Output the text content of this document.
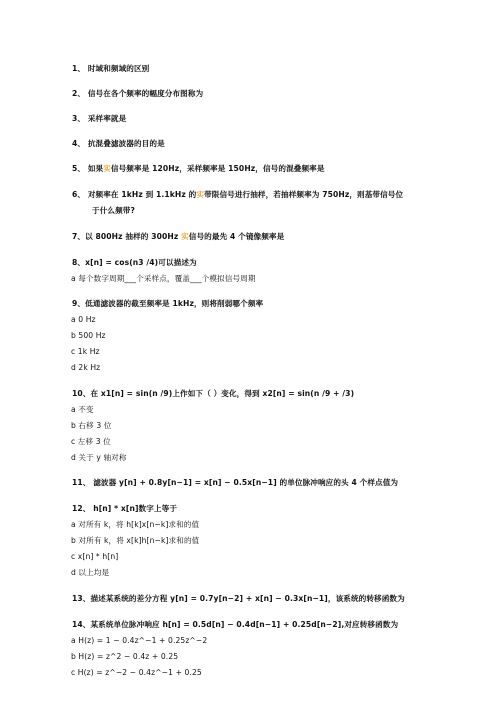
1、 时域和频域的区别

2、 信号在各个频率的幅度分布图称为

3、 采样率就是

4、 抗混叠滤波器的目的是

5、 如果实信号频率是 120Hz，采样频率是 150Hz，信号的混叠频率是

6、 对频率在 1kHz 到 1.1kHz 的实带限信号进行抽样，若抽样频率为 750Hz，则基带信号位

于什么频带?

7、以 800Hz 抽样的 300Hz 实信号的最先 4 个镜像频率是

8、x[n] = cos(n3 /4)可以描述为

a 每个数字周期___个采样点，覆盖___个模拟信号周期

9、低通滤波器的截至频率是 1kHz，则将削弱哪个频率

a 0 Hz

b 500 Hz

c 1k Hz

d 2k Hz

10、在 x1[n] = sin(n /9)上作如下（ ）变化，得到 x2[n] = sin(n /9 + /3)

a 不变

b 右移 3 位

c 左移 3 位

d 关于 y 轴对称

11、 滤波器 y[n] + 0.8y[n−1] = x[n] − 0.5x[n−1] 的单位脉冲响应的头 4 个样点值为

12、 h[n] * x[n]数字上等于

a 对所有 k，将 h[k]x[n−k]求和的值

b 对所有 k，将 x[k]h[n−k]求和的值

c x[n] * h[n]

d 以上均是

13、描述某系统的差分方程 y[n] = 0.7y[n−2] + x[n] − 0.3x[n−1]，该系统的转移函数为

14、某系统单位脉冲响应 h[n] = 0.5d[n] − 0.4d[n−1] + 0.25d[n−2],对应转移函数为

a H(z) = 1 − 0.4z^−1 + 0.25z^−2

b H(z) = z^2 − 0.4z + 0.25

c H(z) = z^−2 − 0.4z^−1 + 0.25
